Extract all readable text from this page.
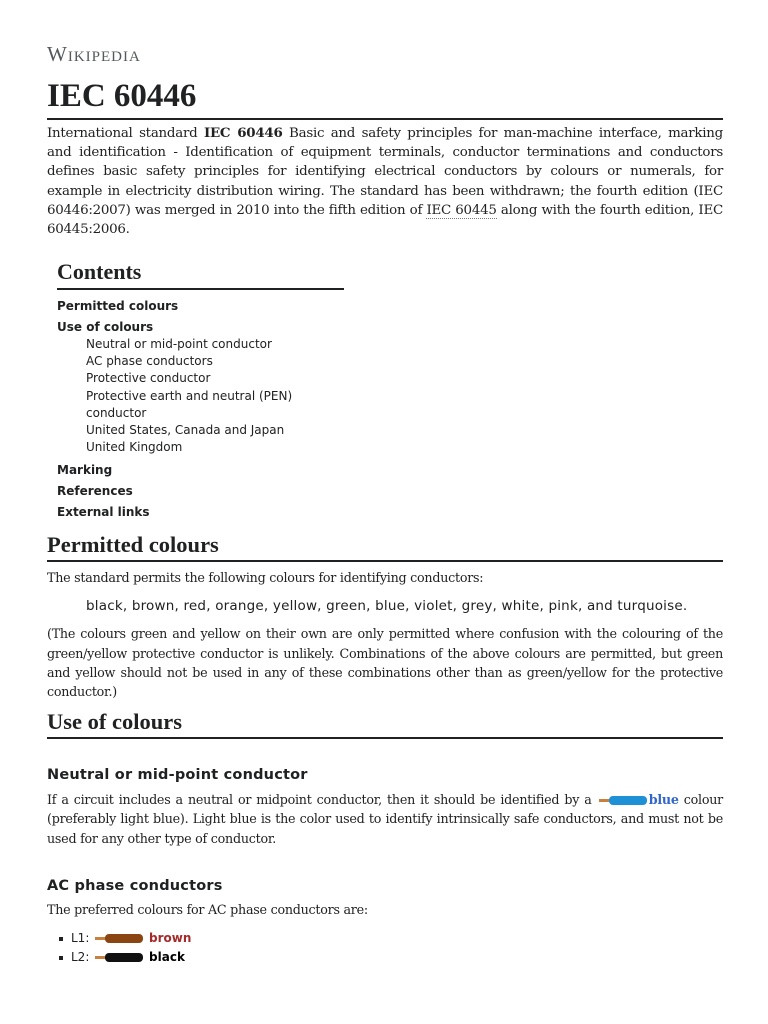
Wikipedia
IEC 60446

International standard IEC 60446 Basic and safety principles for man-machine interface, marking and identification - Identification of equipment terminals, conductor terminations and conductors defines basic safety principles for identifying electrical conductors by colours or numerals, for example in electricity distribution wiring. The standard has been withdrawn; the fourth edition (IEC 60446:2007) was merged in 2010 into the fifth edition of IEC 60445 along with the fourth edition, IEC 60445:2006.

Contents
Permitted colours
Use of colours
Neutral or mid-point conductor
AC phase conductors
Protective conductor
Protective earth and neutral (PEN) conductor
United States, Canada and Japan
United Kingdom
Marking
References
External links
Permitted colours

The standard permits the following colours for identifying conductors:

black, brown, red, orange, yellow, green, blue, violet, grey, white, pink, and turquoise.

(The colours green and yellow on their own are only permitted where confusion with the colouring of the green/yellow protective conductor is unlikely. Combinations of the above colours are permitted, but green and yellow should not be used in any of these combinations other than as green/yellow for the protective conductor.)

Use of colours
Neutral or mid-point conductor

If a circuit includes a neutral or midpoint conductor, then it should be identified by a	blue colour (preferably light blue). Light blue is the color used to identify intrinsically safe conductors, and must not be used for any other type of conductor.

AC phase conductors

The preferred colours for AC phase conductors are:

L1:	brown
L2:	black
